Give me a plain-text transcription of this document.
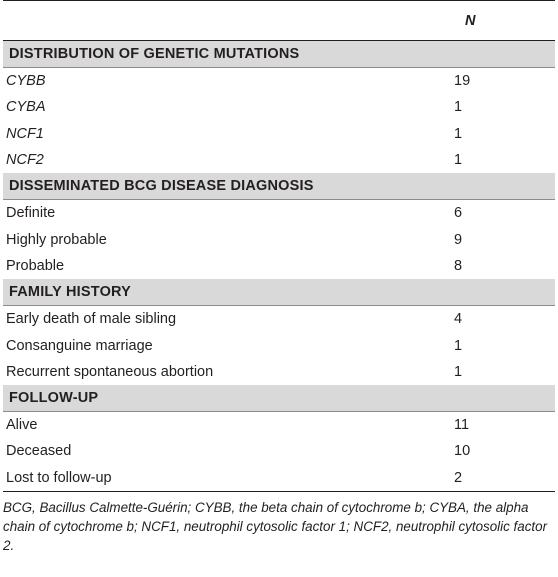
	N
DISTRIBUTION OF GENETIC MUTATIONS	
CYBB	19
CYBA	1
NCF1	1
NCF2	1
DISSEMINATED BCG DISEASE DIAGNOSIS	
Definite	6
Highly probable	9
Probable	8
FAMILY HISTORY	
Early death of male sibling	4
Consanguine marriage	1
Recurrent spontaneous abortion	1
FOLLOW-UP	
Alive	11
Deceased	10
Lost to follow-up	2
BCG, Bacillus Calmette-Guérin; CYBB, the beta chain of cytochrome b; CYBA, the alpha chain of cytochrome b; NCF1, neutrophil cytosolic factor 1; NCF2, neutrophil cytosolic factor 2.
